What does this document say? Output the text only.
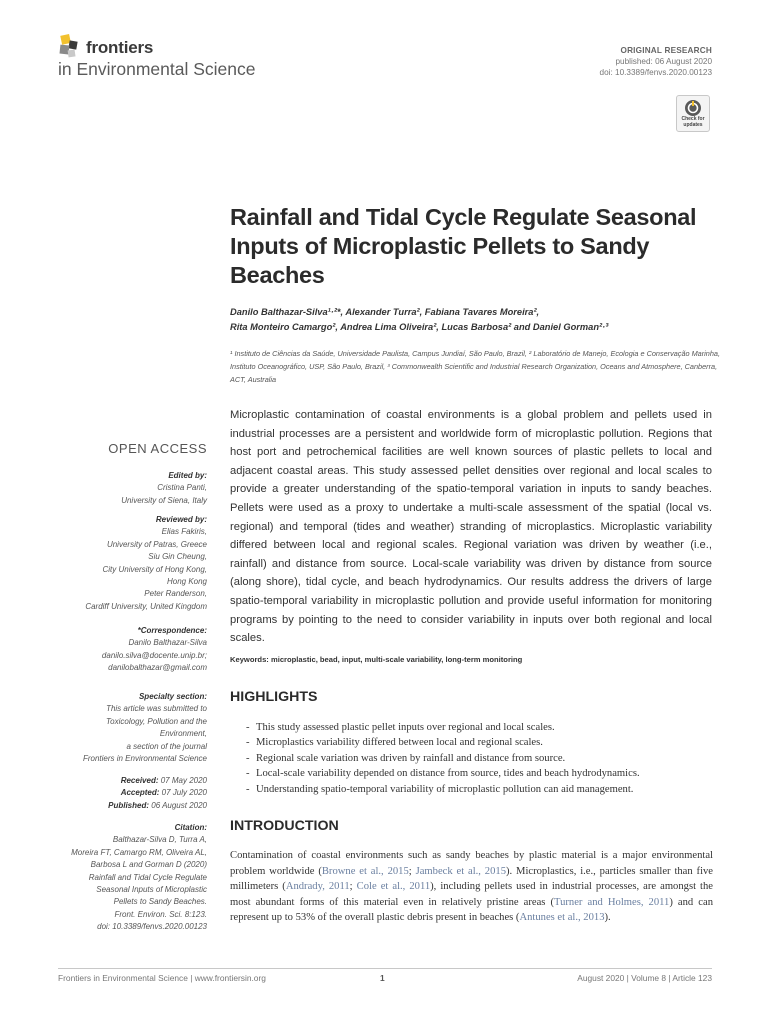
frontiers
in Environmental Science
ORIGINAL RESEARCH
published: 06 August 2020
doi: 10.3389/fenvs.2020.00123
Check for
updates
Rainfall and Tidal Cycle Regulate Seasonal Inputs of Microplastic Pellets to Sandy Beaches
Danilo Balthazar-Silva¹·²*, Alexander Turra², Fabiana Tavares Moreira²,
Rita Monteiro Camargo², Andrea Lima Oliveira², Lucas Barbosa² and Daniel Gorman²·³

¹ Instituto de Ciências da Saúde, Universidade Paulista, Campus Jundiaí, São Paulo, Brazil, ² Laboratório de Manejo, Ecologia e Conservação Marinha, Instituto Oceanográfico, USP, São Paulo, Brazil, ³ Commonwealth Scientific and Industrial Research Organization, Oceans and Atmosphere, Canberra, ACT, Australia

Microplastic contamination of coastal environments is a global problem and pellets used in industrial processes are a persistent and worldwide form of microplastic pollution. Regions that host port and petrochemical facilities are well known sources of plastic pellets to local and adjacent coastal areas. This study assessed pellet densities over regional and local scales to provide a greater understanding of the spatio-temporal variation in inputs to sandy beaches. Pellets were used as a proxy to undertake a multi-scale assessment of the spatial (local vs. regional) and temporal (tides and weather) stranding of microplastics. Microplastic variability differed between local and regional scales. Regional variation was driven by weather (i.e., rainfall) and distance from source. Local-scale variability was driven by distance from source (along shore), tidal cycle, and beach hydrodynamics. Our results address the drivers of large spatio-temporal variability in microplastic pollution and provide useful information for monitoring programs by pointing to the need to consider variability in inputs over both regional and local scales.

Keywords: microplastic, bead, input, multi-scale variability, long-term monitoring
OPEN ACCESS
Edited by:
Cristina Panti,
University of Siena, Italy
Reviewed by:
Elias Fakiris,
University of Patras, Greece
Siu Gin Cheung,
City University of Hong Kong,
Hong Kong
Peter Randerson,
Cardiff University, United Kingdom
*Correspondence:
Danilo Balthazar-Silva
danilo.silva@docente.unip.br;
danilobalthazar@gmail.com
Specialty section:
This article was submitted to
Toxicology, Pollution and the
Environment,
a section of the journal
Frontiers in Environmental Science
Received: 07 May 2020
Accepted: 07 July 2020
Published: 06 August 2020
Citation:
Balthazar-Silva D, Turra A,
Moreira FT, Camargo RM, Oliveira AL,
Barbosa L and Gorman D (2020)
Rainfall and Tidal Cycle Regulate
Seasonal Inputs of Microplastic
Pellets to Sandy Beaches.
Front. Environ. Sci. 8:123.
doi: 10.3389/fenvs.2020.00123
HIGHLIGHTS
- This study assessed plastic pellet inputs over regional and local scales.
- Microplastics variability differed between local and regional scales.
- Regional scale variation was driven by rainfall and distance from source.
- Local-scale variability depended on distance from source, tides and beach hydrodynamics.
- Understanding spatio-temporal variability of microplastic pollution can aid management.
INTRODUCTION

Contamination of coastal environments such as sandy beaches by plastic material is a major environmental problem worldwide (Browne et al., 2015; Jambeck et al., 2015). Microplastics, i.e., particles smaller than five millimeters (Andrady, 2011; Cole et al., 2011), including pellets used in industrial processes, are amongst the most abundant forms of this material even in relatively pristine areas (Turner and Holmes, 2011) and can represent up to 53% of the overall plastic debris present in beaches (Antunes et al., 2013).

Frontiers in Environmental Science | www.frontiersin.org	1	August 2020 | Volume 8 | Article 123
